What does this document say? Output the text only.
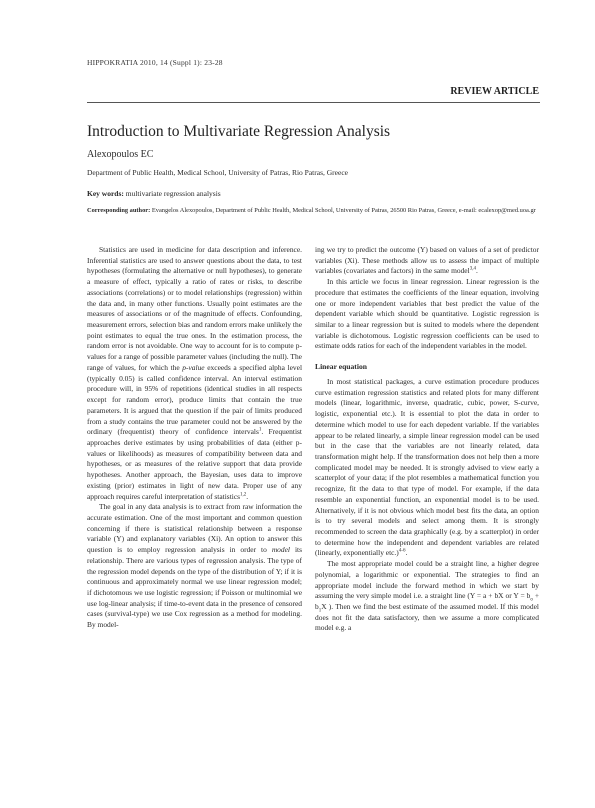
HIPPOKRATIA 2010, 14 (Suppl 1): 23-28
REVIEW ARTICLE
Introduction to Multivariate Regression Analysis
Alexopoulos EC
Department of Public Health, Medical School, University of Patras, Rio Patras, Greece
Key words: multivariate regression analysis
Corresponding author: Evangelos Alexopoulos, Department of Public Health, Medical School, University of Patras, 26500 Rio Patras, Greece, e-mail: ecalexop@med.uoa.gr

Statistics are used in medicine for data description and inference. Inferential statistics are used to answer questions about the data, to test hypotheses (formulating the alternative or null hypotheses), to generate a measure of effect, typically a ratio of rates or risks, to describe associations (correlations) or to model relationships (regression) within the data and, in many other functions. Usually point estimates are the measures of associations or of the magnitude of effects. Confounding, measurement errors, selection bias and random errors make unlikely the point estimates to equal the true ones. In the estimation process, the random error is not avoidable. One way to account for is to compute p-values for a range of possible parameter values (including the null). The range of values, for which the p-value exceeds a specified alpha level (typically 0.05) is called confidence interval. An interval estimation procedure will, in 95% of repetitions (identical studies in all respects except for random error), produce limits that contain the true parameters. It is argued that the question if the pair of limits produced from a study contains the true parameter could not be answered by the ordinary (frequentist) theory of confidence intervals$^1$. Frequentist approaches derive estimates by using probabilities of data (either p-values or likelihoods) as measures of compatibility between data and hypotheses, or as measures of the relative support that data provide hypotheses. Another approach, the Bayesian, uses data to improve existing (prior) estimates in light of new data. Proper use of any approach requires careful interpretation of statistics$^{1,2}$.

The goal in any data analysis is to extract from raw information the accurate estimation. One of the most important and common question concerning if there is statistical relationship between a response variable (Y) and explanatory variables (Xi). An option to answer this question is to employ regression analysis in order to model its relationship. There are various types of regression analysis. The type of the regression model depends on the type of the distribution of Y; if it is continuous and approximately normal we use linear regression model; if dichotomous we use logistic regression; if Poisson or multinomial we use log-linear analysis; if time-to-event data in the presence of censored cases (survival-type) we use Cox regression as a method for modeling. By model-

ing we try to predict the outcome (Y) based on values of a set of predictor variables (Xi). These methods allow us to assess the impact of multiple variables (covariates and factors) in the same model$^{3,4}$.

In this article we focus in linear regression. Linear regression is the procedure that estimates the coefficients of the linear equation, involving one or more independent variables that best predict the value of the dependent variable which should be quantitative. Logistic regression is similar to a linear regression but is suited to models where the dependent variable is dichotomous. Logistic regression coefficients can be used to estimate odds ratios for each of the independent variables in the model.

Linear equation

In most statistical packages, a curve estimation procedure produces curve estimation regression statistics and related plots for many different models (linear, logarithmic, inverse, quadratic, cubic, power, S-curve, logistic, exponential etc.). It is essential to plot the data in order to determine which model to use for each depedent variable. If the variables appear to be related linearly, a simple linear regression model can be used but in the case that the variables are not linearly related, data transformation might help. If the transformation does not help then a more complicated model may be needed. It is strongly advised to view early a scatterplot of your data; if the plot resembles a mathematical function you recognize, fit the data to that type of model. For example, if the data resemble an exponential function, an exponential model is to be used. Alternatively, if it is not obvious which model best fits the data, an option is to try several models and select among them. It is strongly recommended to screen the data graphically (e.g. by a scatterplot) in order to determine how the independent and dependent variables are related (linearly, exponentially etc.)$^{4-6}$.

The most appropriate model could be a straight line, a higher degree polynomial, a logarithmic or exponential. The strategies to find an appropriate model include the forward method in which we start by assuming the very simple model i.e. a straight line (Y = a + bX or $Y = b_o + b_1X$ ). Then we find the best estimate of the assumed model. If this model does not fit the data satisfactory, then we assume a more complicated model e.g. a
